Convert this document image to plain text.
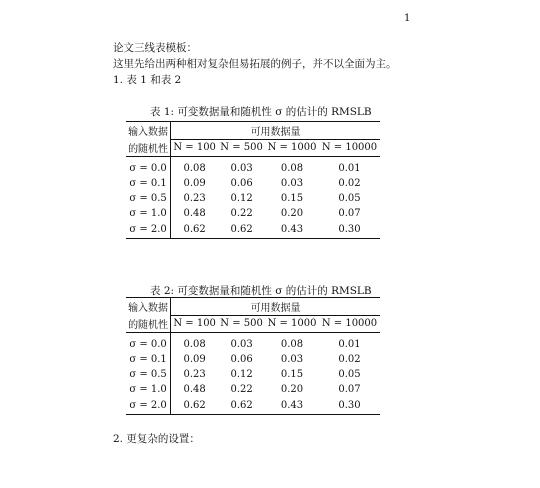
1
论文三线表模板：
这里先给出两种相对复杂但易拓展的例子，并不以全面为主。
1. 表 1 和表 2
表 1: 可变数据量和随机性 σ 的估计的 RMSLB
输入数据	可用数据量			
的随机性	N = 100	N = 500	N = 1000	N = 10000

σ = 0.0	0.08	0.03	0.08	0.01
σ = 0.1	0.09	0.06	0.03	0.02
σ = 0.5	0.23	0.12	0.15	0.05
σ = 1.0	0.48	0.22	0.20	0.07
σ = 2.0	0.62	0.62	0.43	0.30
表 2: 可变数据量和随机性 σ 的估计的 RMSLB
输入数据	可用数据量			
的随机性	N = 100	N = 500	N = 1000	N = 10000

σ = 0.0	0.08	0.03	0.08	0.01
σ = 0.1	0.09	0.06	0.03	0.02
σ = 0.5	0.23	0.12	0.15	0.05
σ = 1.0	0.48	0.22	0.20	0.07
σ = 2.0	0.62	0.62	0.43	0.30
2. 更复杂的设置：
